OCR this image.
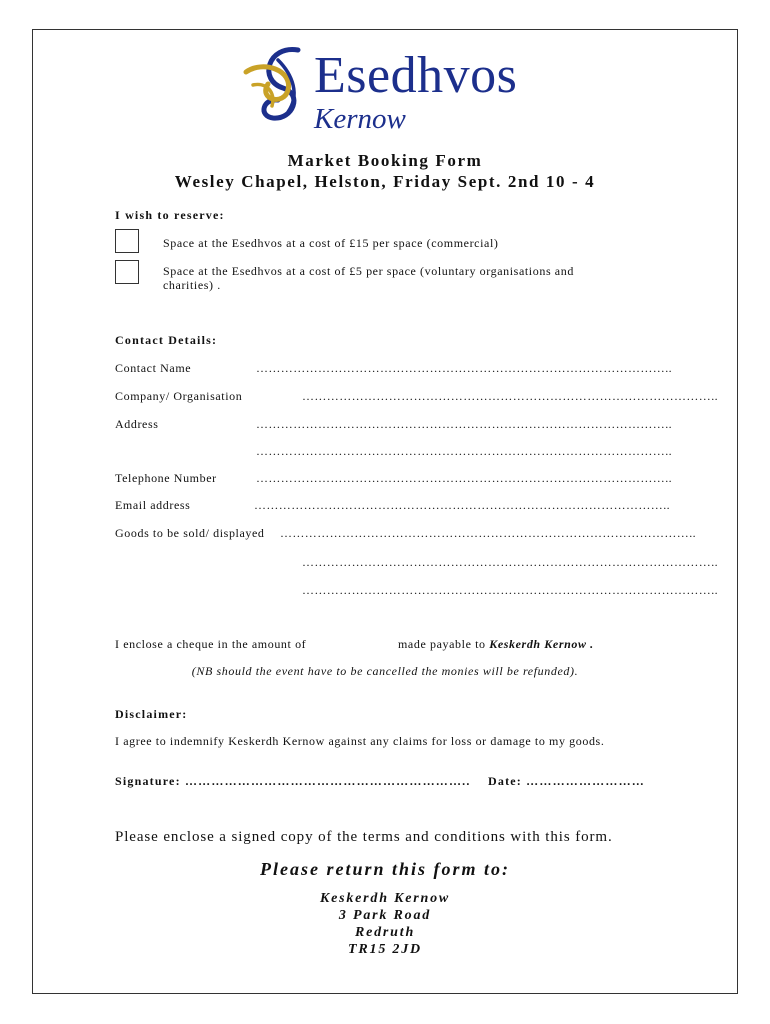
Esedhvos
Kernow
Market Booking Form
Wesley Chapel, Helston, Friday Sept. 2nd 10 - 4
I wish to reserve:
Space at the Esedhvos at a cost of £15 per space (commercial)
Space at the Esedhvos at a cost of £5 per space (voluntary organisations and
charities) .
Contact Details:
Contact Name	………………………………………………………………………………………..
Company/ Organisation	………………………………………………………………………………………..
Address	………………………………………………………………………………………..
………………………………………………………………………………………..
Telephone Number	………………………………………………………………………………………..
Email address	………………………………………………………………………………………..
Goods to be sold/ displayed ………………………………………………………………………………………..
………………………………………………………………………………………..
………………………………………………………………………………………..
I enclose a cheque in the amount of	made payable to Keskerdh Kernow .
(NB should the event have to be cancelled the monies will be refunded).
Disclaimer:
I agree to indemnify Keskerdh Kernow against any claims for loss or damage to my goods.
Signature: ……………………………………………………….. Date: ………………………
Please enclose a signed copy of the terms and conditions with this form.
Please return this form to:
Keskerdh Kernow
3 Park Road
Redruth
TR15 2JD
